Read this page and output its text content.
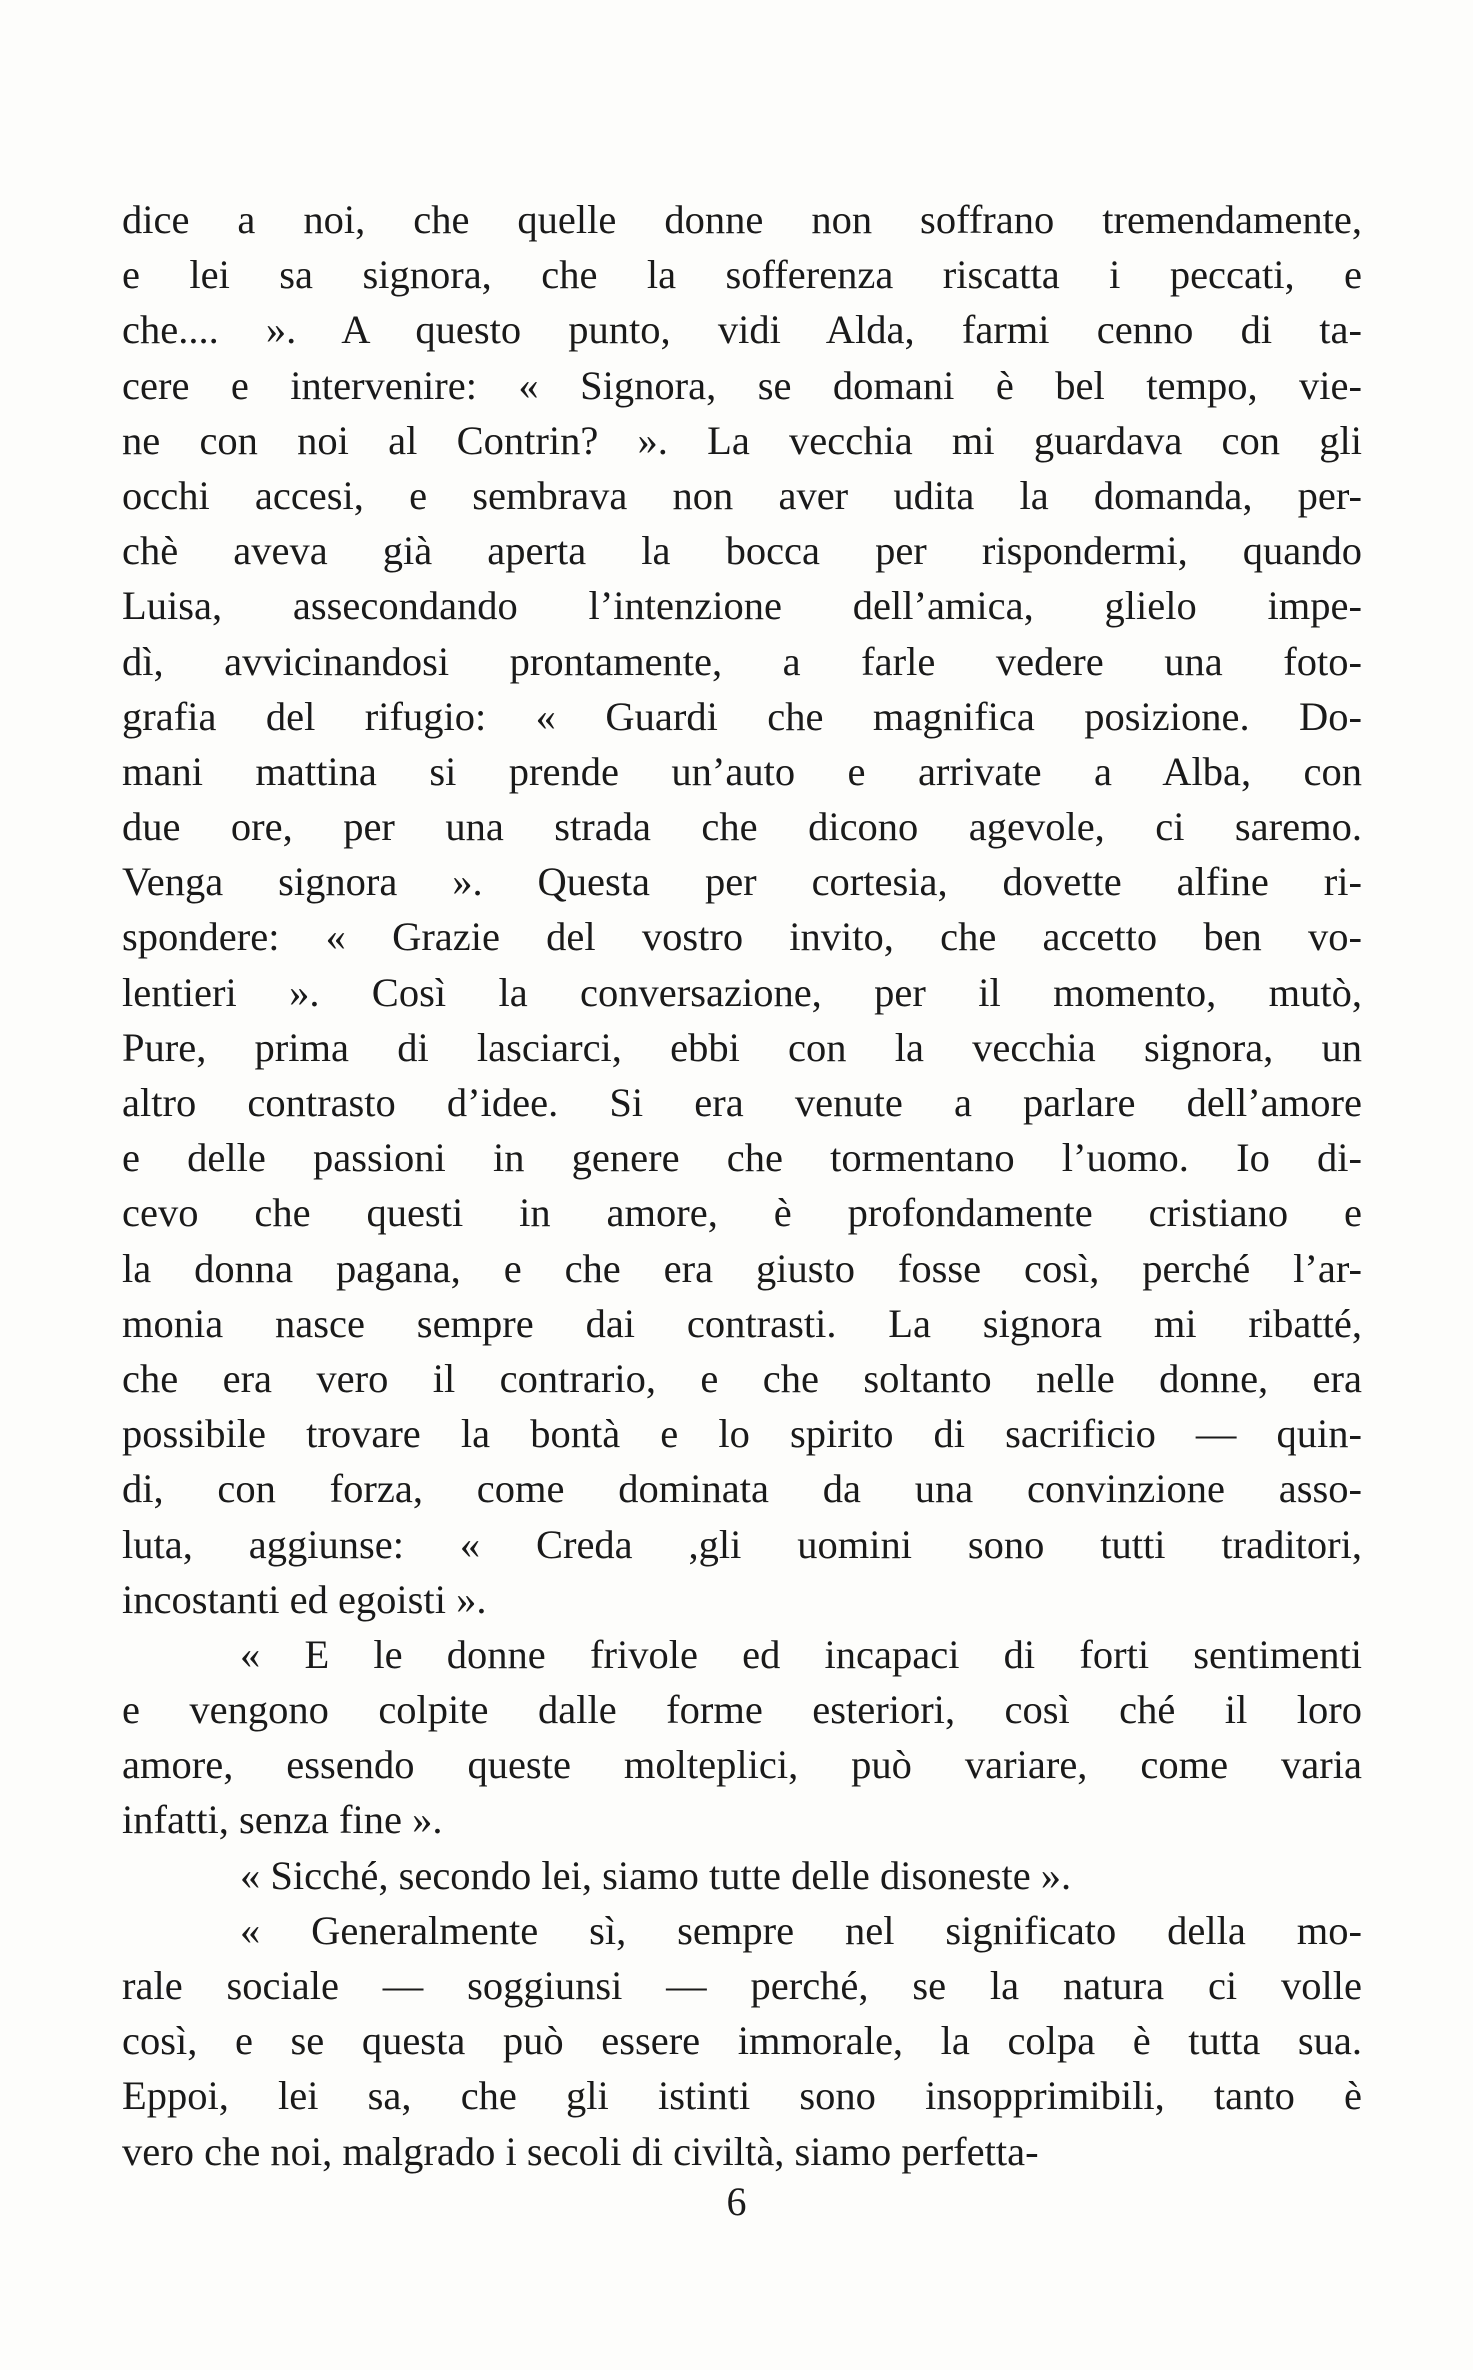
dice a noi, che quelle donne non soffrano tremendamente,
e lei sa signora, che la sofferenza riscatta i peccati, e
che.... ». A questo punto, vidi Alda, farmi cenno di ta-
cere e intervenire: « Signora, se domani è bel tempo, vie-
ne con noi al Contrin? ». La vecchia mi guardava con gli
occhi accesi, e sembrava non aver udita la domanda, per-
chè aveva già aperta la bocca per rispondermi, quando
Luisa, assecondando l’intenzione dell’amica, glielo impe-
dì, avvicinandosi prontamente, a farle vedere una foto-
grafia del rifugio: « Guardi che magnifica posizione. Do-
mani mattina si prende un’auto e arrivate a Alba, con
due ore, per una strada che dicono agevole, ci saremo.
Venga signora ». Questa per cortesia, dovette alfine ri-
spondere: « Grazie del vostro invito, che accetto ben vo-
lentieri ». Così la conversazione, per il momento, mutò,
Pure, prima di lasciarci, ebbi con la vecchia signora, un
altro contrasto d’idee. Si era venute a parlare dell’amore
e delle passioni in genere che tormentano l’uomo. Io di-
cevo che questi in amore, è profondamente cristiano e
la donna pagana, e che era giusto fosse così, perché l’ar-
monia nasce sempre dai contrasti. La signora mi ribatté,
che era vero il contrario, e che soltanto nelle donne, era
possibile trovare la bontà e lo spirito di sacrificio — quin-
di, con forza, come dominata da una convinzione asso-
luta, aggiunse: « Creda ,gli uomini sono tutti traditori,
incostanti ed egoisti ».
« E le donne frivole ed incapaci di forti sentimenti
e vengono colpite dalle forme esteriori, così ché il loro
amore, essendo queste molteplici, può variare, come varia
infatti, senza fine ».
« Sicché, secondo lei, siamo tutte delle disoneste ».
« Generalmente sì, sempre nel significato della mo-
rale sociale — soggiunsi — perché, se la natura ci volle
così, e se questa può essere immorale, la colpa è tutta sua.
Eppoi, lei sa, che gli istinti sono insopprimibili, tanto è
vero che noi, malgrado i secoli di civiltà, siamo perfetta-
6
